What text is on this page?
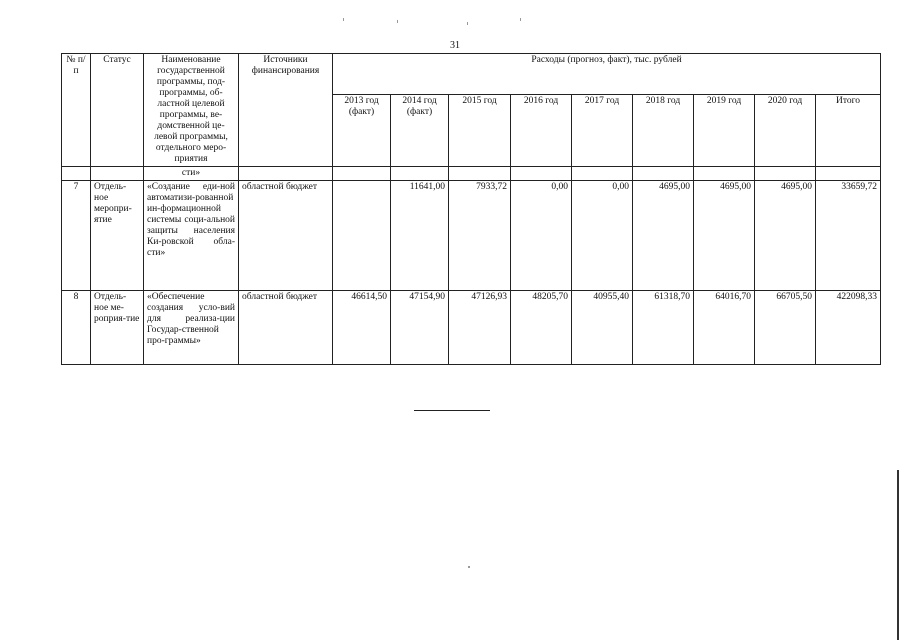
31
№ п/п	Статус	Наименование государственной программы, под-программы, об-ластной целевой программы, ве-домственной це-левой программы, отдельного меро-приятия	Источники финансирования	Расходы (прогноз, факт), тыс. рублей								
				2013 год (факт)	2014 год (факт)	2015 год	2016 год	2017 год	2018 год	2019 год	2020 год	Итого
		сти»										
7	Отдель-ное меропри-ятие	«Создание еди-ной автоматизи-рованной ин-формационной системы соци-альной защиты населения Ки-ровской обла-сти»	областной бюджет		11641,00	7933,72	0,00	0,00	4695,00	4695,00	4695,00	33659,72
8	Отдель-ное ме-роприя-тие	«Обеспечение создания усло-вий для реализа-ции Государ-ственной про-граммы»	областной бюджет	46614,50	47154,90	47126,93	48205,70	40955,40	61318,70	64016,70	66705,50	422098,33
